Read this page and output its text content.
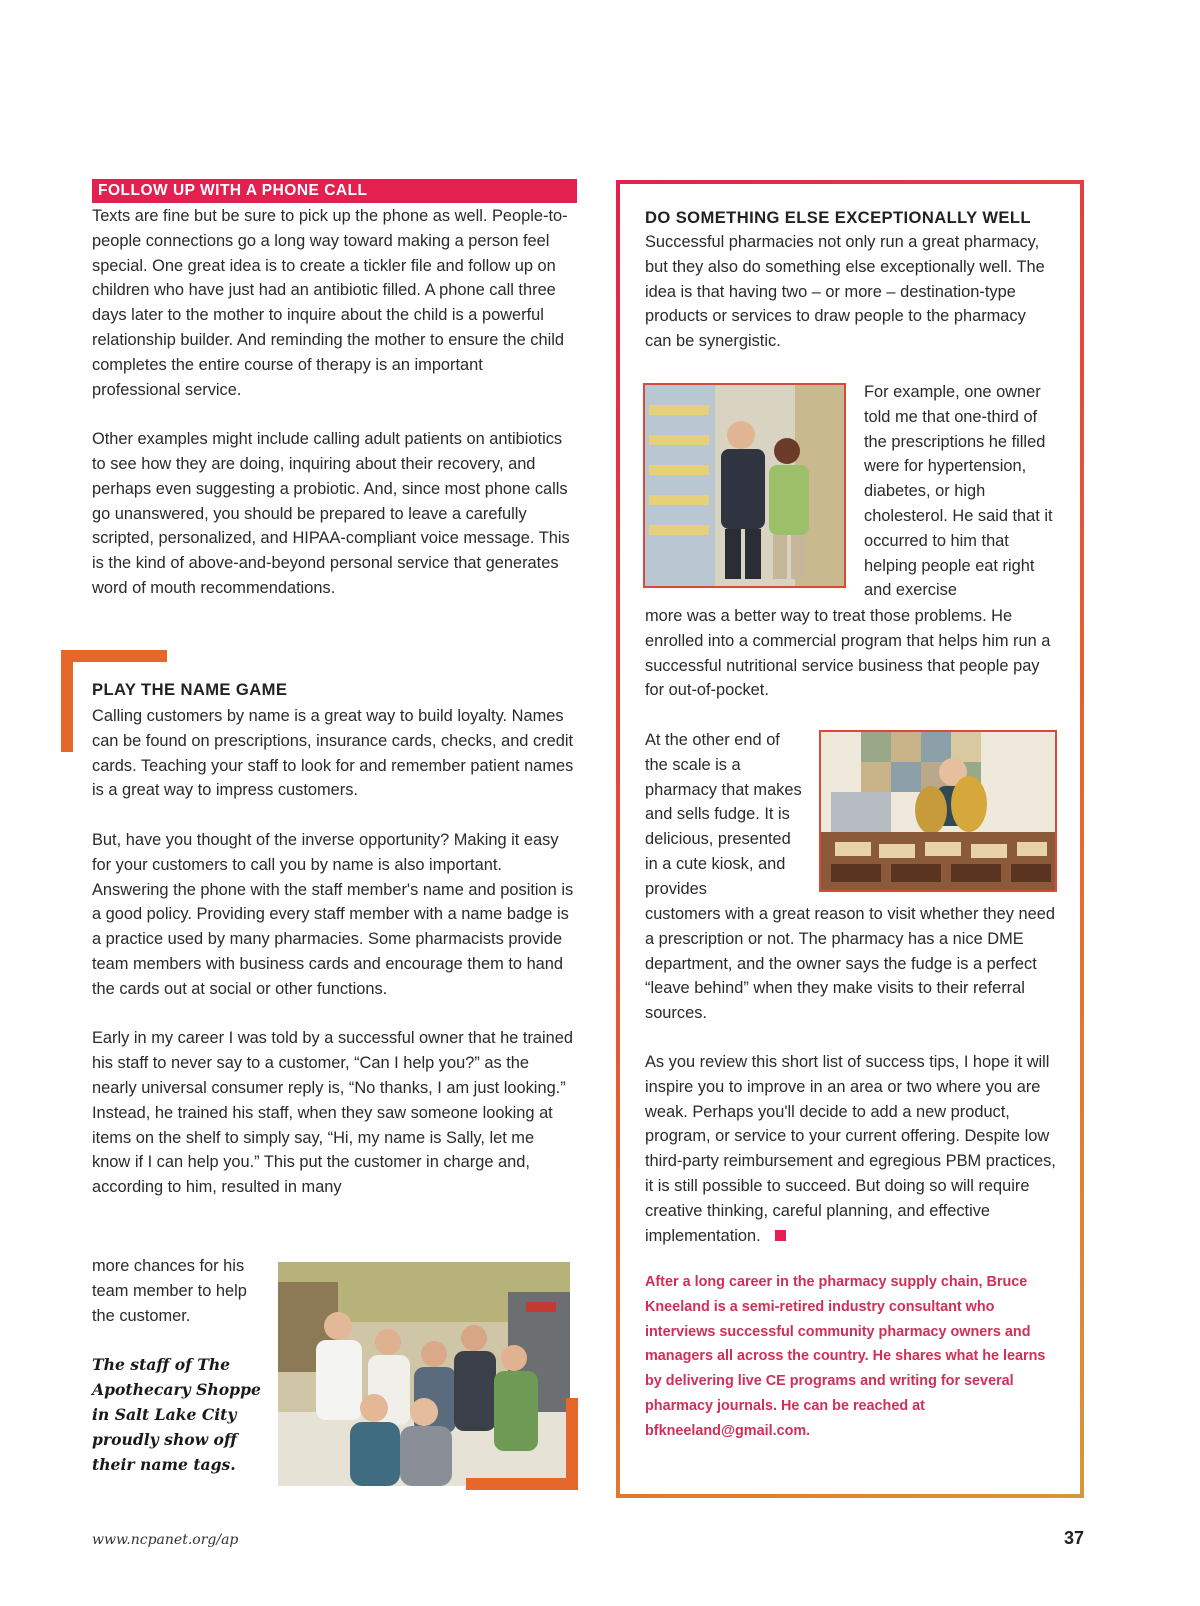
FOLLOW UP WITH A PHONE CALL

Texts are fine but be sure to pick up the phone as well. People-to-people connections go a long way toward making a person feel special. One great idea is to create a tickler file and follow up on children who have just had an antibiotic filled. A phone call three days later to the mother to inquire about the child is a powerful relationship builder. And reminding the mother to ensure the child completes the entire course of therapy is an important professional service.

Other examples might include calling adult patients on antibiotics to see how they are doing, inquiring about their recovery, and perhaps even suggesting a probiotic. And, since most phone calls go unanswered, you should be prepared to leave a carefully scripted, personalized, and HIPAA-compliant voice message. This is the kind of above-and-beyond personal service that generates word of mouth recommendations.

PLAY THE NAME GAME

Calling customers by name is a great way to build loyalty. Names can be found on prescriptions, insurance cards, checks, and credit cards. Teaching your staff to look for and remember patient names is a great way to impress customers.

But, have you thought of the inverse opportunity? Making it easy for your customers to call you by name is also important. Answering the phone with the staff member's name and position is a good policy. Providing every staff member with a name badge is a practice used by many pharmacies. Some pharmacists provide team members with business cards and encourage them to hand the cards out at social or other functions.

Early in my career I was told by a successful owner that he trained his staff to never say to a customer, “Can I help you?” as the nearly universal consumer reply is, “No thanks, I am just looking.” Instead, he trained his staff, when they saw someone looking at items on the shelf to simply say, “Hi, my name is Sally, let me know if I can help you.” This put the customer in charge and, according to him, resulted in many

more chances for his team member to help the customer.
The staff of The Apothecary Shoppe in Salt Lake City proudly show off their name tags.
DO SOMETHING ELSE EXCEPTIONALLY WELL
Successful pharmacies not only run a great pharmacy, but they also do something else exceptionally well. The idea is that having two – or more – destination-type products or services to draw people to the pharmacy can be synergistic.
For example, one owner told me that one-third of the prescriptions he filled were for hypertension, diabetes, or high cholesterol. He said that it occurred to him that helping people eat right and exercise
more was a better way to treat those problems. He enrolled into a commercial program that helps him run a successful nutritional service business that people pay for out-of-pocket.
At the other end of the scale is a pharmacy that makes and sells fudge. It is delicious, presented in a cute kiosk, and provides
customers with a great reason to visit whether they need a prescription or not. The pharmacy has a nice DME department, and the owner says the fudge is a perfect “leave behind” when they make visits to their referral sources.
As you review this short list of success tips, I hope it will inspire you to improve in an area or two where you are weak. Perhaps you'll decide to add a new product, program, or service to your current offering. Despite low third-party reimbursement and egregious PBM practices, it is still possible to succeed. But doing so will require creative thinking, careful planning, and effective implementation.
After a long career in the pharmacy supply chain, Bruce Kneeland is a semi-retired industry consultant who interviews successful community pharmacy owners and managers all across the country. He shares what he learns by delivering live CE programs and writing for several pharmacy journals. He can be reached at bfkneeland@gmail.com.
www.ncpanet.org/ap	37
